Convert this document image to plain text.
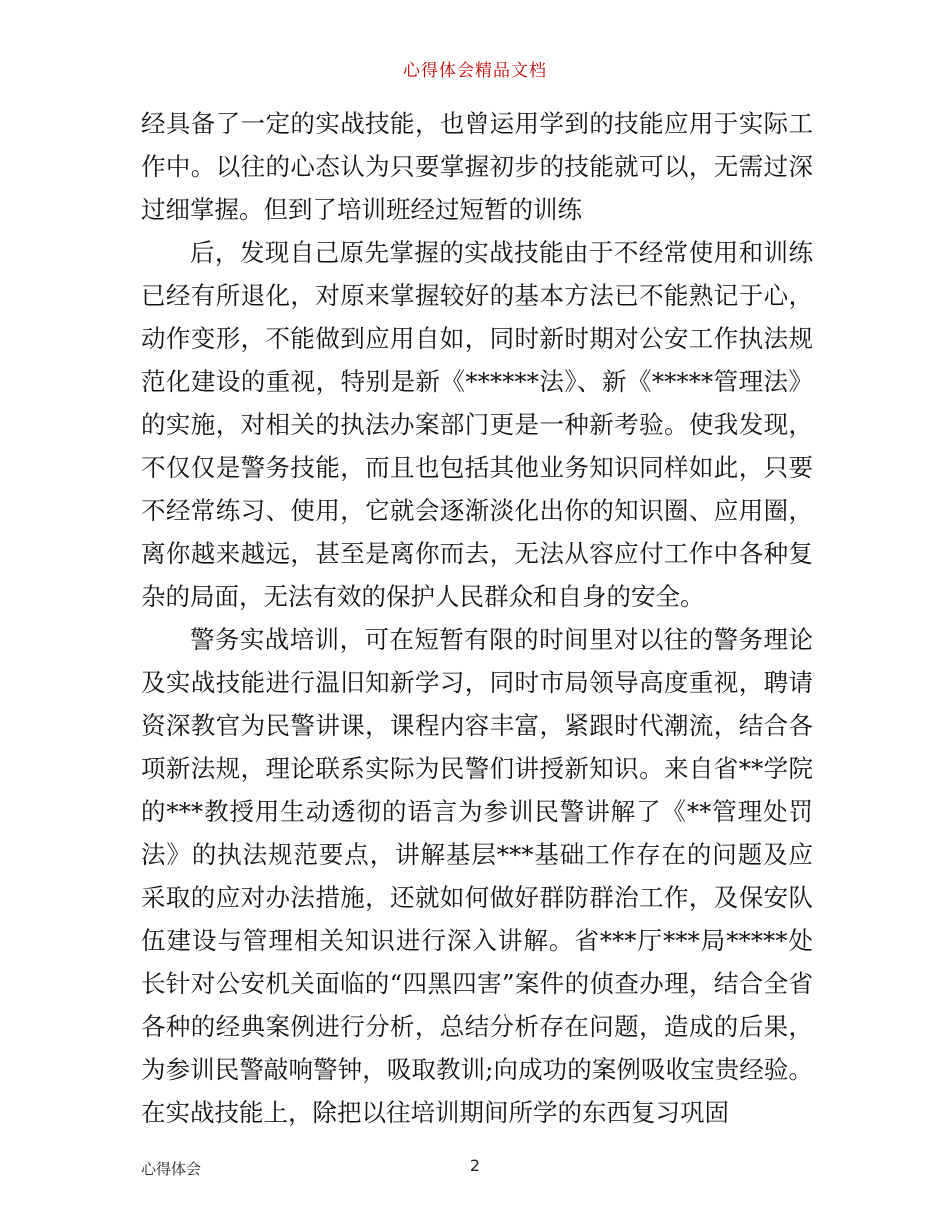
心得体会精品文档

经具备了一定的实战技能，也曾运用学到的技能应用于实际工作中。以往的心态认为只要掌握初步的技能就可以，无需过深过细掌握。但到了培训班经过短暂的训练

后，发现自己原先掌握的实战技能由于不经常使用和训练已经有所退化，对原来掌握较好的基本方法已不能熟记于心，动作变形，不能做到应用自如，同时新时期对公安工作执法规范化建设的重视，特别是新《******法》、新《*****管理法》的实施，对相关的执法办案部门更是一种新考验。使我发现，不仅仅是警务技能，而且也包括其他业务知识同样如此，只要不经常练习、使用，它就会逐渐淡化出你的知识圈、应用圈，离你越来越远，甚至是离你而去，无法从容应付工作中各种复杂的局面，无法有效的保护人民群众和自身的安全。

警务实战培训，可在短暂有限的时间里对以往的警务理论及实战技能进行温旧知新学习，同时市局领导高度重视，聘请资深教官为民警讲课，课程内容丰富，紧跟时代潮流，结合各项新法规，理论联系实际为民警们讲授新知识。来自省**学院的***教授用生动透彻的语言为参训民警讲解了《**管理处罚法》的执法规范要点，讲解基层***基础工作存在的问题及应采取的应对办法措施，还就如何做好群防群治工作，及保安队伍建设与管理相关知识进行深入讲解。省***厅***局*****处长针对公安机关面临的“四黑四害”案件的侦查办理，结合全省各种的经典案例进行分析，总结分析存在问题，造成的后果，为参训民警敲响警钟，吸取教训;向成功的案例吸收宝贵经验。在实战技能上，除把以往培训期间所学的东西复习巩固

心得体会	2
